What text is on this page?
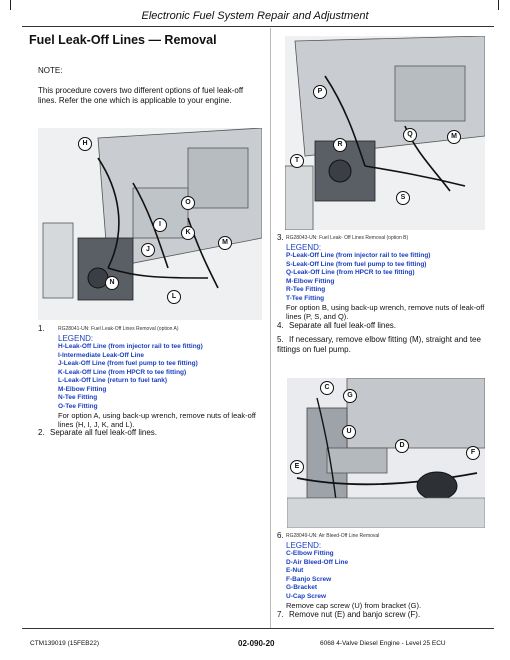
Electronic Fuel System Repair and Adjustment
Fuel Leak-Off Lines — Removal
NOTE:
This procedure covers two different options of fuel leak-off lines. Refer the one which is applicable to your engine.
H
O
I
K
M
J
N
L
1.	RG28041-UN: Fuel Leak-Off Lines Removal (option A)
LEGEND:
H-Leak-Off Line (from injector rail to tee fitting)
I-Intermediate Leak-Off Line
J-Leak-Off Line (from fuel pump to tee fitting)
K-Leak-Off Line (from HPCR to tee fitting)
L-Leak-Off Line (return to fuel tank)
M-Elbow Fitting
N-Tee Fitting
O-Tee Fitting
For option A, using back-up wrench, remove nuts of leak-off lines (H, I, J, K, and L).
2. Separate all fuel leak-off lines.
P
Q	M
R
T
S
3. RG28043-UN: Fuel Leak- Off Lines Removal (option B)
LEGEND:
P-Leak-Off Line (from injector rail to tee fitting)
S-Leak-Off Line (from fuel pump to tee fitting)
Q-Leak-Off Line (from HPCR to tee fitting)
M-Elbow Fitting
R-Tee Fitting
T-Tee Fitting
For option B, using back-up wrench, remove nuts of leak-off lines (P, S, and Q).
4. Separate all fuel leak-off lines.
5. If necessary, remove elbow fitting (M), straight and tee fittings on fuel pump.
C
G
U
D
E
F
6. RG28049-UN: Air Bleed-Off Line Removal
LEGEND:
C-Elbow Fitting
D-Air Bleed-Off Line
E-Nut
F-Banjo Screw
G-Bracket
U-Cap Screw
Remove cap screw (U) from bracket (G).
7. Remove nut (E) and banjo screw (F).
CTM139019 (15FEB22)	02-090-20	6068 4-Valve Diesel Engine - Level 25 ECU
